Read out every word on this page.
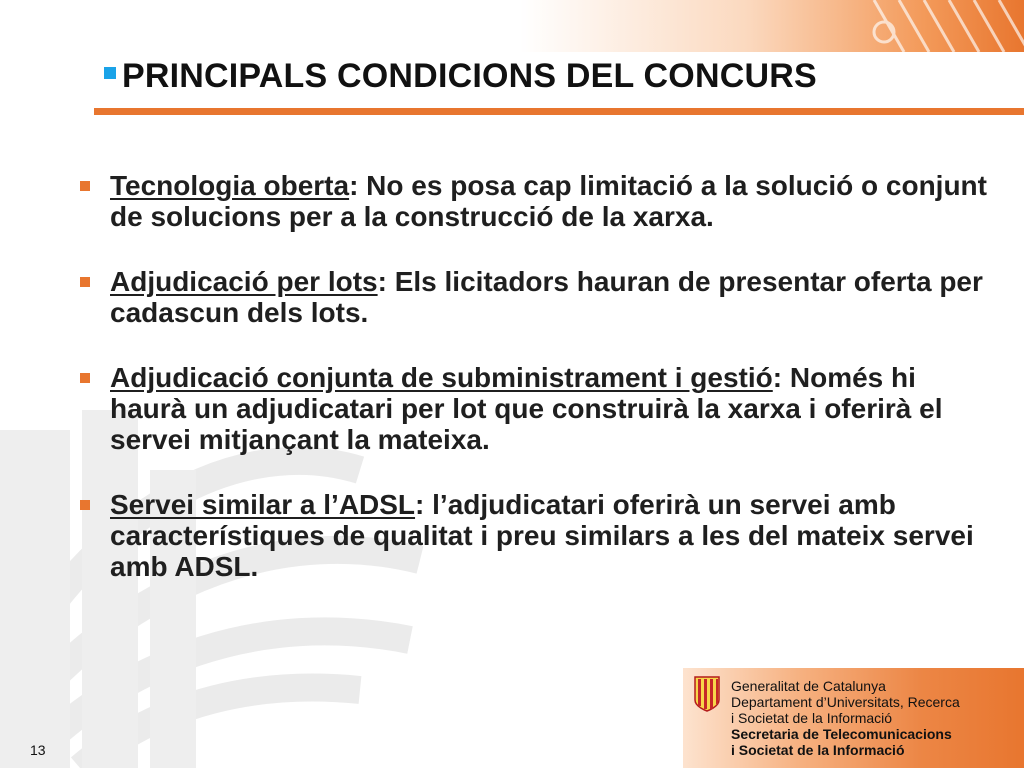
PRINCIPALS CONDICIONS DEL CONCURS
Tecnologia oberta: No es posa cap limitació a la solució o conjunt de solucions per a la construcció de la xarxa.
Adjudicació per lots: Els licitadors hauran de presentar oferta per cadascun dels lots.
Adjudicació conjunta de subministrament i gestió: Només hi haurà un adjudicatari per lot que construirà la xarxa i oferirà el servei mitjançant la mateixa.
Servei similar a l’ADSL: l’adjudicatari oferirà un servei amb característiques de qualitat i preu similars a les del mateix servei amb ADSL.
13
Generalitat de Catalunya
Departament d’Universitats, Recerca
i Societat de la Informació
Secretaria de Telecomunicacions
i Societat de la Informació
